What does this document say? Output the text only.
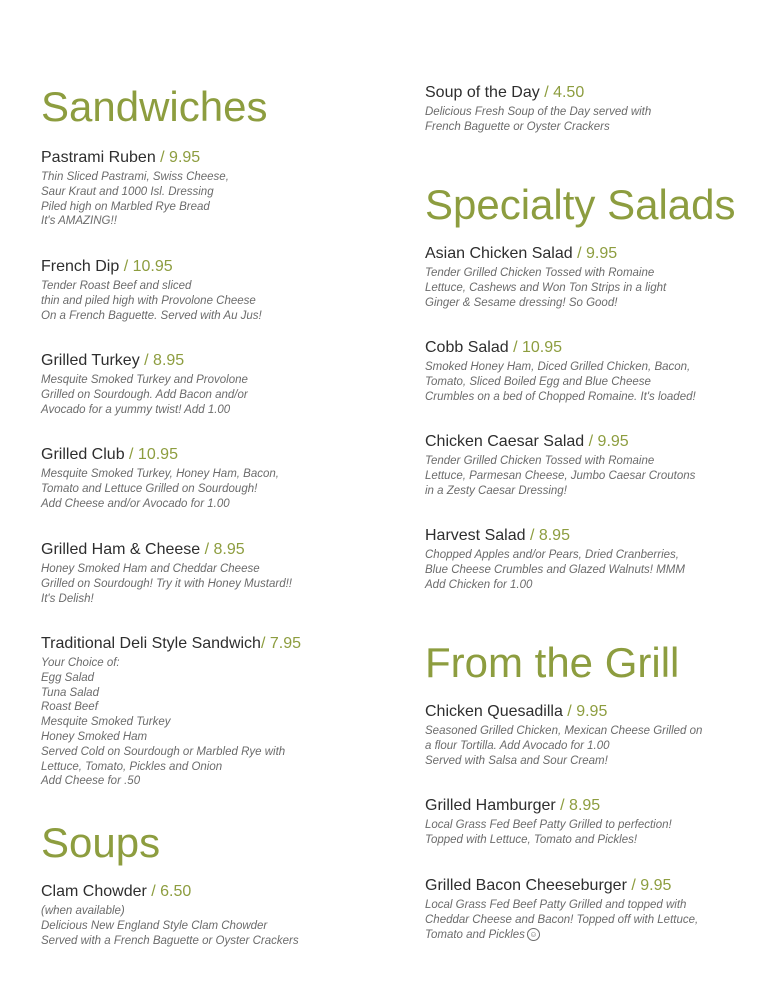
Sandwiches
Pastrami Ruben / 9.95
Thin Sliced Pastrami, Swiss Cheese,
Saur Kraut and 1000 Isl. Dressing
Piled high on Marbled Rye Bread
It's AMAZING!!
French Dip / 10.95
Tender Roast Beef and sliced
thin and piled high with Provolone Cheese
On a French Baguette. Served with Au Jus!
Grilled Turkey / 8.95
Mesquite Smoked Turkey and Provolone
Grilled on Sourdough. Add Bacon and/or
Avocado for a yummy twist! Add 1.00
Grilled Club / 10.95
Mesquite Smoked Turkey, Honey Ham, Bacon,
Tomato and Lettuce Grilled on Sourdough!
Add Cheese and/or Avocado for 1.00
Grilled Ham & Cheese / 8.95
Honey Smoked Ham and Cheddar Cheese
Grilled on Sourdough! Try it with Honey Mustard!!
It's Delish!
Traditional Deli Style Sandwich/ 7.95
Your Choice of:
Egg Salad
Tuna Salad
Roast Beef
Mesquite Smoked Turkey
Honey Smoked Ham
Served Cold on Sourdough or Marbled Rye with
Lettuce, Tomato, Pickles and Onion
Add Cheese for .50
Soups
Clam Chowder / 6.50
(when available)
Delicious New England Style Clam Chowder
Served with a French Baguette or Oyster Crackers
Soup of the Day / 4.50
Delicious Fresh Soup of the Day served with
French Baguette or Oyster Crackers
Specialty Salads
Asian Chicken Salad / 9.95
Tender Grilled Chicken Tossed with Romaine
Lettuce, Cashews and Won Ton Strips in a light
Ginger & Sesame dressing! So Good!
Cobb Salad / 10.95
Smoked Honey Ham, Diced Grilled Chicken, Bacon,
Tomato, Sliced Boiled Egg and Blue Cheese
Crumbles on a bed of Chopped Romaine. It's loaded!
Chicken Caesar Salad / 9.95
Tender Grilled Chicken Tossed with Romaine
Lettuce, Parmesan Cheese, Jumbo Caesar Croutons
in a Zesty Caesar Dressing!
Harvest Salad / 8.95
Chopped Apples and/or Pears, Dried Cranberries,
Blue Cheese Crumbles and Glazed Walnuts! MMM
Add Chicken for 1.00
From the Grill
Chicken Quesadilla / 9.95
Seasoned Grilled Chicken, Mexican Cheese Grilled on
a flour Tortilla. Add Avocado for 1.00
Served with Salsa and Sour Cream!
Grilled Hamburger / 8.95
Local Grass Fed Beef Patty Grilled to perfection!
Topped with Lettuce, Tomato and Pickles!
Grilled Bacon Cheeseburger / 9.95
Local Grass Fed Beef Patty Grilled and topped with
Cheddar Cheese and Bacon! Topped off with Lettuce,
Tomato and Pickles ☺
